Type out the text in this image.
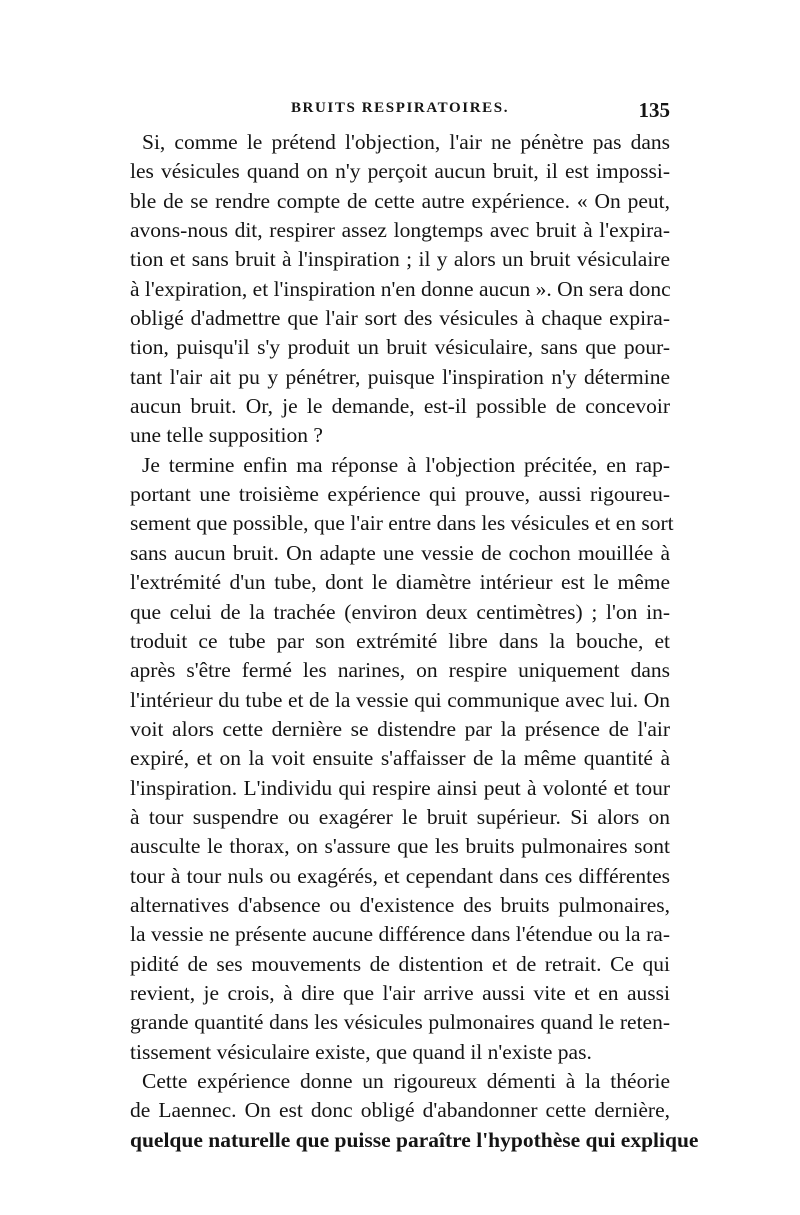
BRUITS RESPIRATOIRES.	135
Si, comme le prétend l'objection, l'air ne pénètre pas dans
les vésicules quand on n'y perçoit aucun bruit, il est impossi-
ble de se rendre compte de cette autre expérience. « On peut,
avons-nous dit, respirer assez longtemps avec bruit à l'expira-
tion et sans bruit à l'inspiration ; il y alors un bruit vésiculaire
à l'expiration, et l'inspiration n'en donne aucun ». On sera donc
obligé d'admettre que l'air sort des vésicules à chaque expira-
tion, puisqu'il s'y produit un bruit vésiculaire, sans que pour-
tant l'air ait pu y pénétrer, puisque l'inspiration n'y détermine
aucun bruit. Or, je le demande, est-il possible de concevoir
une telle supposition ?
Je termine enfin ma réponse à l'objection précitée, en rap-
portant une troisième expérience qui prouve, aussi rigoureu-
sement que possible, que l'air entre dans les vésicules et en sort
sans aucun bruit. On adapte une vessie de cochon mouillée à
l'extrémité d'un tube, dont le diamètre intérieur est le même
que celui de la trachée (environ deux centimètres) ; l'on in-
troduit ce tube par son extrémité libre dans la bouche, et
après s'être fermé les narines, on respire uniquement dans
l'intérieur du tube et de la vessie qui communique avec lui. On
voit alors cette dernière se distendre par la présence de l'air
expiré, et on la voit ensuite s'affaisser de la même quantité à
l'inspiration. L'individu qui respire ainsi peut à volonté et tour
à tour suspendre ou exagérer le bruit supérieur. Si alors on
ausculte le thorax, on s'assure que les bruits pulmonaires sont
tour à tour nuls ou exagérés, et cependant dans ces différentes
alternatives d'absence ou d'existence des bruits pulmonaires,
la vessie ne présente aucune différence dans l'étendue ou la ra-
pidité de ses mouvements de distention et de retrait. Ce qui
revient, je crois, à dire que l'air arrive aussi vite et en aussi
grande quantité dans les vésicules pulmonaires quand le reten-
tissement vésiculaire existe, que quand il n'existe pas.
Cette expérience donne un rigoureux démenti à la théorie
de Laennec. On est donc obligé d'abandonner cette dernière,
quelque naturelle que puisse paraître l'hypothèse qui explique
